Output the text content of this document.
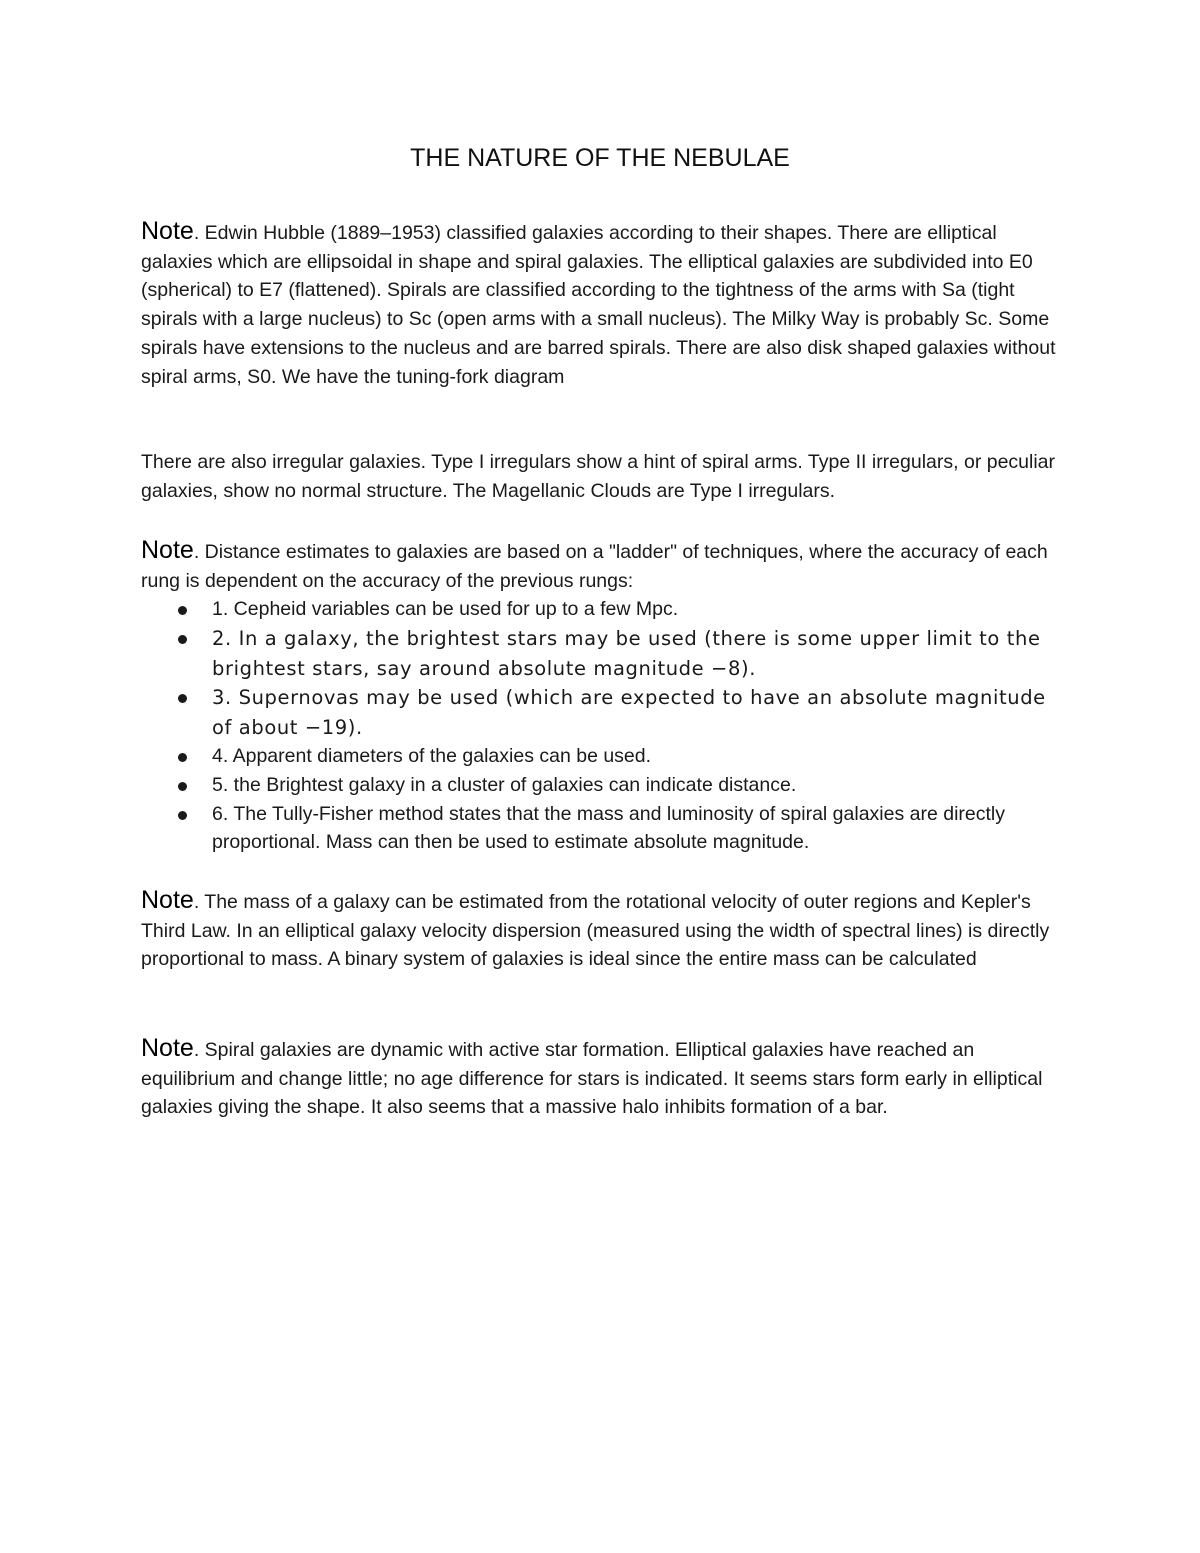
THE NATURE OF THE NEBULAE

Note. Edwin Hubble (1889–1953) classified galaxies according to their shapes. There are elliptical galaxies which are ellipsoidal in shape and spiral galaxies. The elliptical galaxies are subdivided into E0 (spherical) to E7 (flattened). Spirals are classified according to the tightness of the arms with Sa (tight spirals with a large nucleus) to Sc (open arms with a small nucleus). The Milky Way is probably Sc. Some spirals have extensions to the nucleus and are barred spirals. There are also disk shaped galaxies without spiral arms, S0. We have the tuning-fork diagram

There are also irregular galaxies. Type I irregulars show a hint of spiral arms. Type II irregulars, or peculiar galaxies, show no normal structure. The Magellanic Clouds are Type I irregulars.

Note. Distance estimates to galaxies are based on a "ladder" of techniques, where the accuracy of each rung is dependent on the accuracy of the previous rungs:

1. Cepheid variables can be used for up to a few Mpc.
2. In a galaxy, the brightest stars may be used (there is some upper limit to the brightest stars, say around absolute magnitude −8).
3. Supernovas may be used (which are expected to have an absolute magnitude of about −19).
4. Apparent diameters of the galaxies can be used.
5. the Brightest galaxy in a cluster of galaxies can indicate distance.
6. The Tully-Fisher method states that the mass and luminosity of spiral galaxies are directly proportional. Mass can then be used to estimate absolute magnitude.

Note. The mass of a galaxy can be estimated from the rotational velocity of outer regions and Kepler's Third Law. In an elliptical galaxy velocity dispersion (measured using the width of spectral lines) is directly proportional to mass. A binary system of galaxies is ideal since the entire mass can be calculated

Note. Spiral galaxies are dynamic with active star formation. Elliptical galaxies have reached an equilibrium and change little; no age difference for stars is indicated. It seems stars form early in elliptical galaxies giving the shape. It also seems that a massive halo inhibits formation of a bar.
